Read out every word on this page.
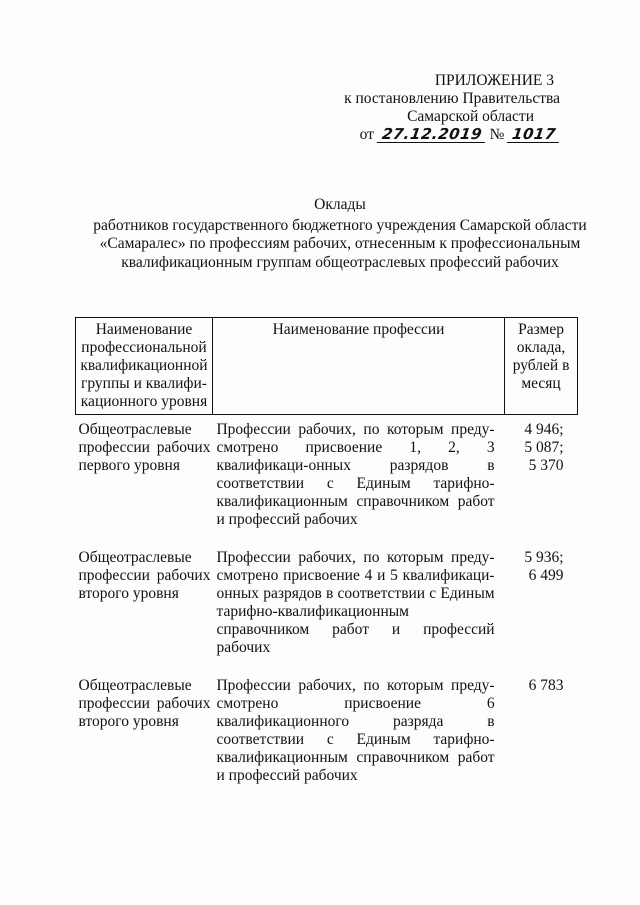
ПРИЛОЖЕНИЕ 3
к постановлению Правительства
Самарской области
от 27.12.2019 № 1017
Оклады
работников государственного бюджетного учреждения Самарской области
«Самаралес» по профессиям рабочих, отнесенным к профессиональным
квалификационным группам общеотраслевых профессий рабочих
Наименование профессиональной квалификационной группы и квалифи-кационного уровня	Наименование профессии	Размер оклада, рублей в месяц
Общеотраслевые профессии рабочих первого уровня	Профессии рабочих, по которым преду-смотрено присвоение 1, 2, 3 квалификаци-онных разрядов в соответствии с Единым тарифно-квалификационным справочником работ и профессий рабочих	4 946;
5 087;
5 370

Общеотраслевые профессии рабочих второго уровня	Профессии рабочих, по которым преду-смотрено присвоение 4 и 5 квалификаци-онных разрядов в соответствии с Единым тарифно-квалификационным справочником работ и профессий рабочих	5 936;
6 499

Общеотраслевые профессии рабочих второго уровня	Профессии рабочих, по которым преду-смотрено присвоение 6 квалификационного разряда в соответствии с Единым тарифно-квалификационным справочником работ и профессий рабочих	6 783
